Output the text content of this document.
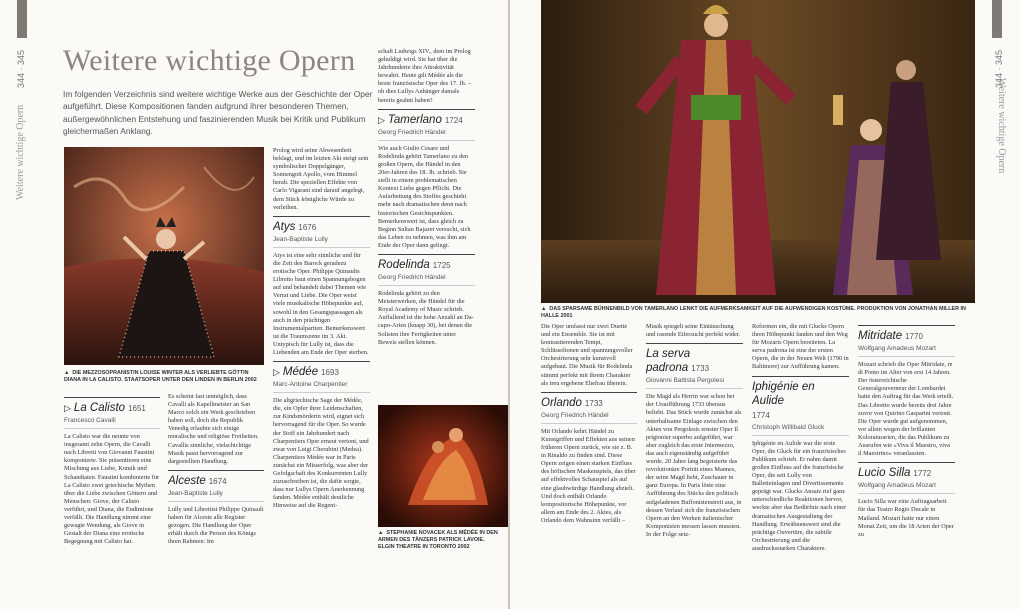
344 · 345
Weitere wichtige Opern
Weitere wichtige Opern
Im folgenden Verzeichnis sind weitere wichtige Werke aus der Geschichte der Oper aufgeführt. Diese Kompositionen fanden aufgrund ihrer besonderen Themen, außergewöhnlichen Entstehung und faszinierenden Musik bei Kritik und Publikum gleichermaßen Anklang.
▲ DIE MEZZOSOPRANISTIN LOUISE WINTER ALS VERLIEBTE GÖTTIN DIANA IN LA CALISTO. STAATSOPER UNTER DEN LINDEN IN BERLIN 2002

Prolog wird seine Abwesenheit beklagt, und im letzten Akt steigt sein symbolischer Doppelgänger, Sonnengott Apollo, vom Himmel herab. Die speziellen Effekte von Carlo Vigarani sind darauf angelegt, dem Stück königliche Würde zu verleihen.

Atys 1676
Jean-Baptiste Lully

Atys ist eine sehr sinnliche und für die Zeit des Barock geradezu erotische Oper. Philippe Quinaults Libretto baut einen Spannungsbogen auf und behandelt dabei Themen wie Verrat und Liebe. Die Oper weist viele musikalische Höhepunkte auf, sowohl in den Gesangspassagen als auch in den prächtigen Instrumentalpartien. Bemerkenswert ist die Traumszene im 3. Akt. Untypisch für Lully ist, dass die Liebenden am Ende der Oper sterben.

▷ Médée 1693
Marc-Antoine Charpentier

Die altgriechische Sage der Médée, die, ein Opfer ihrer Leidenschaften, zur Kindsmörderin wird, eignet sich hervorragend für die Oper. So wurde der Stoff ein Jahrhundert nach Charpentiers Oper erneut vertont, und zwar von Luigi Cherubini (Medea). Charpentiers Médée war in Paris zunächst ein Misserfolg, was aber der Gefolgschaft des Konkurrenten Lully zuzuschreiben ist, die dafür sorgte, dass nur Lullys Opern Anerkennung fanden. Médée enthält deutliche Hinweise auf die Regent-

schaft Ludwigs XIV., dem im Prolog gehuldigt wird. Sie hat über die Jahrhunderte ihre Attraktivität bewahrt. Heute gilt Médée als die beste französische Oper des 17. Jh. – ob dies Lullys Anhänger damals bereits geahnt haben?

▷ Tamerlano 1724
Georg Friedrich Händel

Wie auch Giulio Cesare und Rodelinda gehört Tamerlano zu den großen Opern, die Händel in den 20er-Jahren des 18. Jh. schrieb. Sie stellt in einem problematischen Kontext Liebe gegen Pflicht. Die Aufarbeitung des Stoffes geschieht mehr nach dramatischen denn nach historischen Gesichtspunkten. Bemerkenswert ist, dass gleich zu Beginn Sultan Bajazet versucht, sich das Leben zu nehmen, was ihm am Ende der Oper dann gelingt.

Rodelinda 1725
Georg Friedrich Händel

Rodelinda gehört zu den Meisterwerken, die Händel für die Royal Academy of Music schrieb. Auffallend ist die hohe Anzahl an Da-capo-Arien (knapp 30), bei denen die Solisten ihre Fertigkeiten unter Beweis stellen können.

▷ La Calisto 1651
Francesco Cavalli

La Calisto war die neunte von insgesamt zehn Opern, die Cavalli nach Libretti von Giovanni Faustini komponierte. Sie präsentieren eine Mischung aus Liebe, Komik und Schandtaten. Faustini kombinierte für La Calisto zwei griechische Mythen über die Liebe zwischen Göttern und Menschen: Giove, der Calisto verführt, und Diana, die Endimione verfällt. Die Handlung nimmt eine gewagte Wendung, als Giove in Gestalt der Diana eine erotische Begegnung mit Calisto hat.

Es scheint fast unmöglich, dass Cavalli als Kapellmeister an San Marco solch ein Werk geschrieben haben soll, doch die Republik Venedig erlaubte sich einige moralische und religiöse Freiheiten. Cavallis sinnliche, vielschichtige Musik passt hervorragend zur dargestellten Handlung.

Alceste 1674
Jean-Baptiste Lully

Lully und Librettist Philippe Quinault haben für Alceste alle Register gezogen. Die Handlung der Oper erhält durch die Person des Königs ihren Rahmen: Im

▲ STEPHANIE NOVACEK ALS MÉDÉE IN DEN ARMEN DES TÄNZERS PATRICK LAVOIE. ELGIN THEATRE IN TORONTO 2002
344 · 345
Weitere wichtige Opern
▲ DAS SPARSAME BÜHNENBILD VON TAMERLANO LENKT DIE AUFMERKSAMKEIT AUF DIE AUFWENDIGEN KOSTÜME. PRODUKTION VON JONATHAN MILLER IN HALLE 2001

Die Oper umfasst nur zwei Duette und ein Ensemble. Sie ist mit kontrastierenden Tempi, Schlüsseltonen und spannungsvoller Orchestrierung sehr kunstvoll aufgebaut. Die Musik für Rodelinda stimmt perfekt mit ihrem Charakter als treu ergebene Ehefrau überein.

Orlando 1733
Georg Friedrich Händel

Mit Orlando kehrt Händel zu Kunstgriffen und Effekten aus seinen früheren Opern zurück, wie sie z. B. in Rinaldo zu finden sind. Diese Opern zeigen einen starken Einfluss des höfischen Maskenspiels, das über auf effektvolles Schauspiel als auf eine glaubwürdige Handlung abzielt. Und doch enthält Orlando kompositorische Höhepunkte, vor allem am Ende des 2. Aktes, als Orlando dem Wahnsinn verfällt –

Musik spiegelt seine Eintäuschung und rasende Eifersucht perfekt wider.

La serva padrona 1733
Giovanni Battista Pergolesi

Die Magd als Herrin war schon bei der Uraufführung 1733 überaus beliebt. Das Stück wurde zunächst als unterhaltsame Einlage zwischen den Akten von Pergolesis ernster Oper Il prigionier superbo aufgeführt, war aber zugleich das erste Intermezzo, das auch eigenständig aufgeführt wurde. 20 Jahre lang begeisterte das revolutionäre Porträt eines Mannes, der seine Magd liebt, Zuschauer in ganz Europa. In Paris löste eine Aufführung des Stücks den politisch aufgeladenen Buffonistenstreit aus, in dessen Verlauf sich die französischen Opern an den Werken italienischer Komponisten messen lassen mussten. In der Folge setz-

Reformen ein, die mit Glucks Opern ihren Höhepunkt fanden und den Weg für Mozarts Opern bereiteten. La serva padrona ist eine der ersten Opern, die in der Neuen Welt (1790 in Baltimore) zur Aufführung kamen.

Iphigénie en Aulide
1774
Christoph Willibald Gluck

Iphigénie en Aulide war die erste Oper, die Gluck für ein französisches Publikum schrieb. Er nahm damit großen Einfluss auf die französische Oper, die seit Lully von Balletteinlagen und Divertissements geprägt war. Glucks Ansatz rief ganz unterschiedliche Reaktionen hervor, weckte aber das Bedürfnis nach einer dramatischen Ausgestaltung der Handlung. Erwähnenswert sind die prächtige Ouvertüre, die subtile Orchestrierung und die ausdrucksstarken Charaktere.

Mitridate 1770
Wolfgang Amadeus Mozart

Mozart schrieb die Oper Mitridate, re di Ponto im Alter von erst 14 Jahren. Der österreichische Generalgouverneur der Lombardei hatte den Auftrag für das Werk erteilt. Das Libretto wurde bereits drei Jahre zuvor von Quirino Gasparini vertont. Die Oper wurde gut aufgenommen, vor allem wegen der brillanten Koloraturarien, die das Publikum zu Ausrufen wie »Viva il Maestro, viva il Maestrino« veranlassten.

Lucio Silla 1772
Wolfgang Amadeus Mozart

Lucio Silla war eine Auftragsarbeit für das Teatro Regio Ducale in Mailand. Mozart hatte nur einen Monat Zeit, um die 18 Arien der Oper zu
